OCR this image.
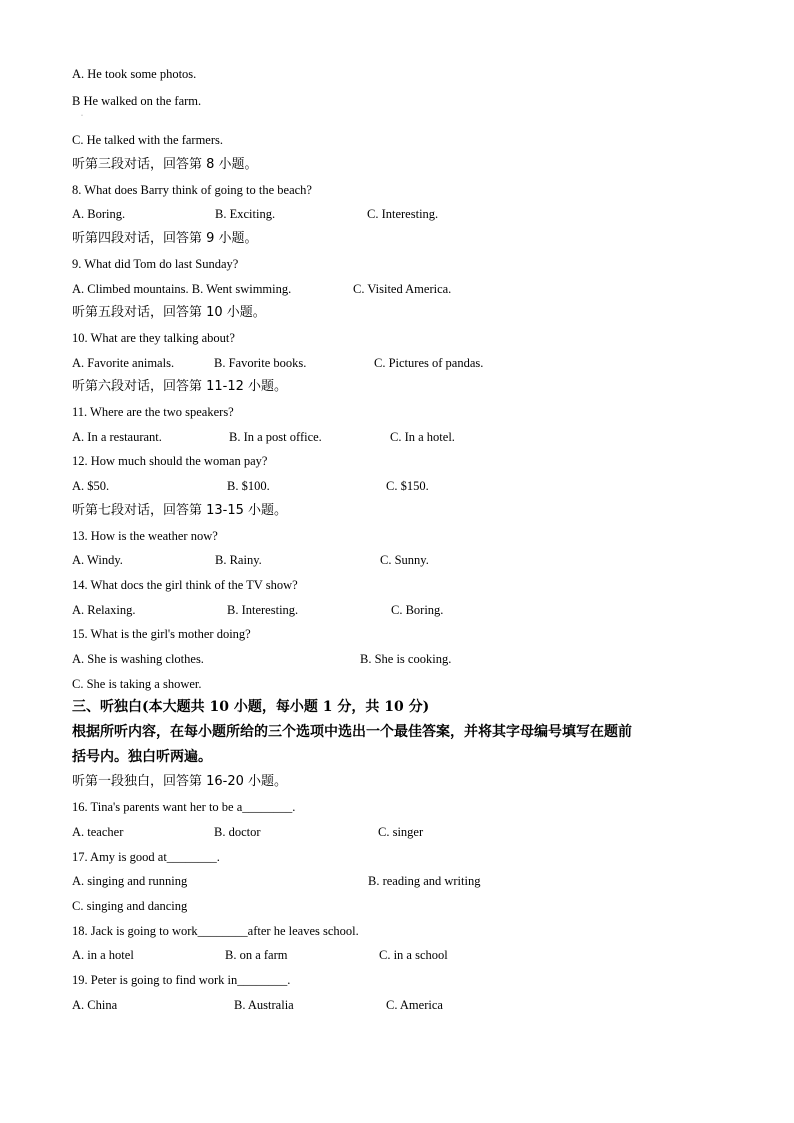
A. He took some photos.
B He walked on the farm.
·
C. He talked with the farmers.
听第三段对话，回答第 8 小题。
8. What does Barry think of going to the beach?
A. Boring.	B. Exciting.	C. Interesting.
听第四段对话，回答第 9 小题。
9. What did Tom do last Sunday?
A. Climbed mountains. B. Went swimming.	C. Visited America.
听第五段对话，回答第 10 小题。
10. What are they talking about?
A. Favorite animals.	B. Favorite books.	C. Pictures of pandas.
听第六段对话，回答第 11-12 小题。
11. Where are the two speakers?
A. In a restaurant.	B. In a post office.	C. In a hotel.
12. How much should the woman pay?
A. $50.	B. $100.	C. $150.
听第七段对话，回答第 13-15 小题。
13. How is the weather now?
A. Windy.	B. Rainy.	C. Sunny.
14. What docs the girl think of the TV show?
A. Relaxing.	B. Interesting.	C. Boring.
15. What is the girl's mother doing?
A. She is washing clothes.	B. She is cooking.
C. She is taking a shower.
三、听独白(本大题共 10 小题，每小题 1 分，共 10 分)
根据所听内容，在每小题所给的三个选项中选出一个最佳答案，并将其字母编号填写在题前
括号内。独白听两遍。
听第一段独白，回答第 16-20 小题。
16. Tina's parents want her to be a________.
A. teacher	B. doctor	C. singer
17. Amy is good at________.
A. singing and running	B. reading and writing
C. singing and dancing
18. Jack is going to work________after he leaves school.
A. in a hotel	B. on a farm	C. in a school
19. Peter is going to find work in________.
A. China	B. Australia	C. America
